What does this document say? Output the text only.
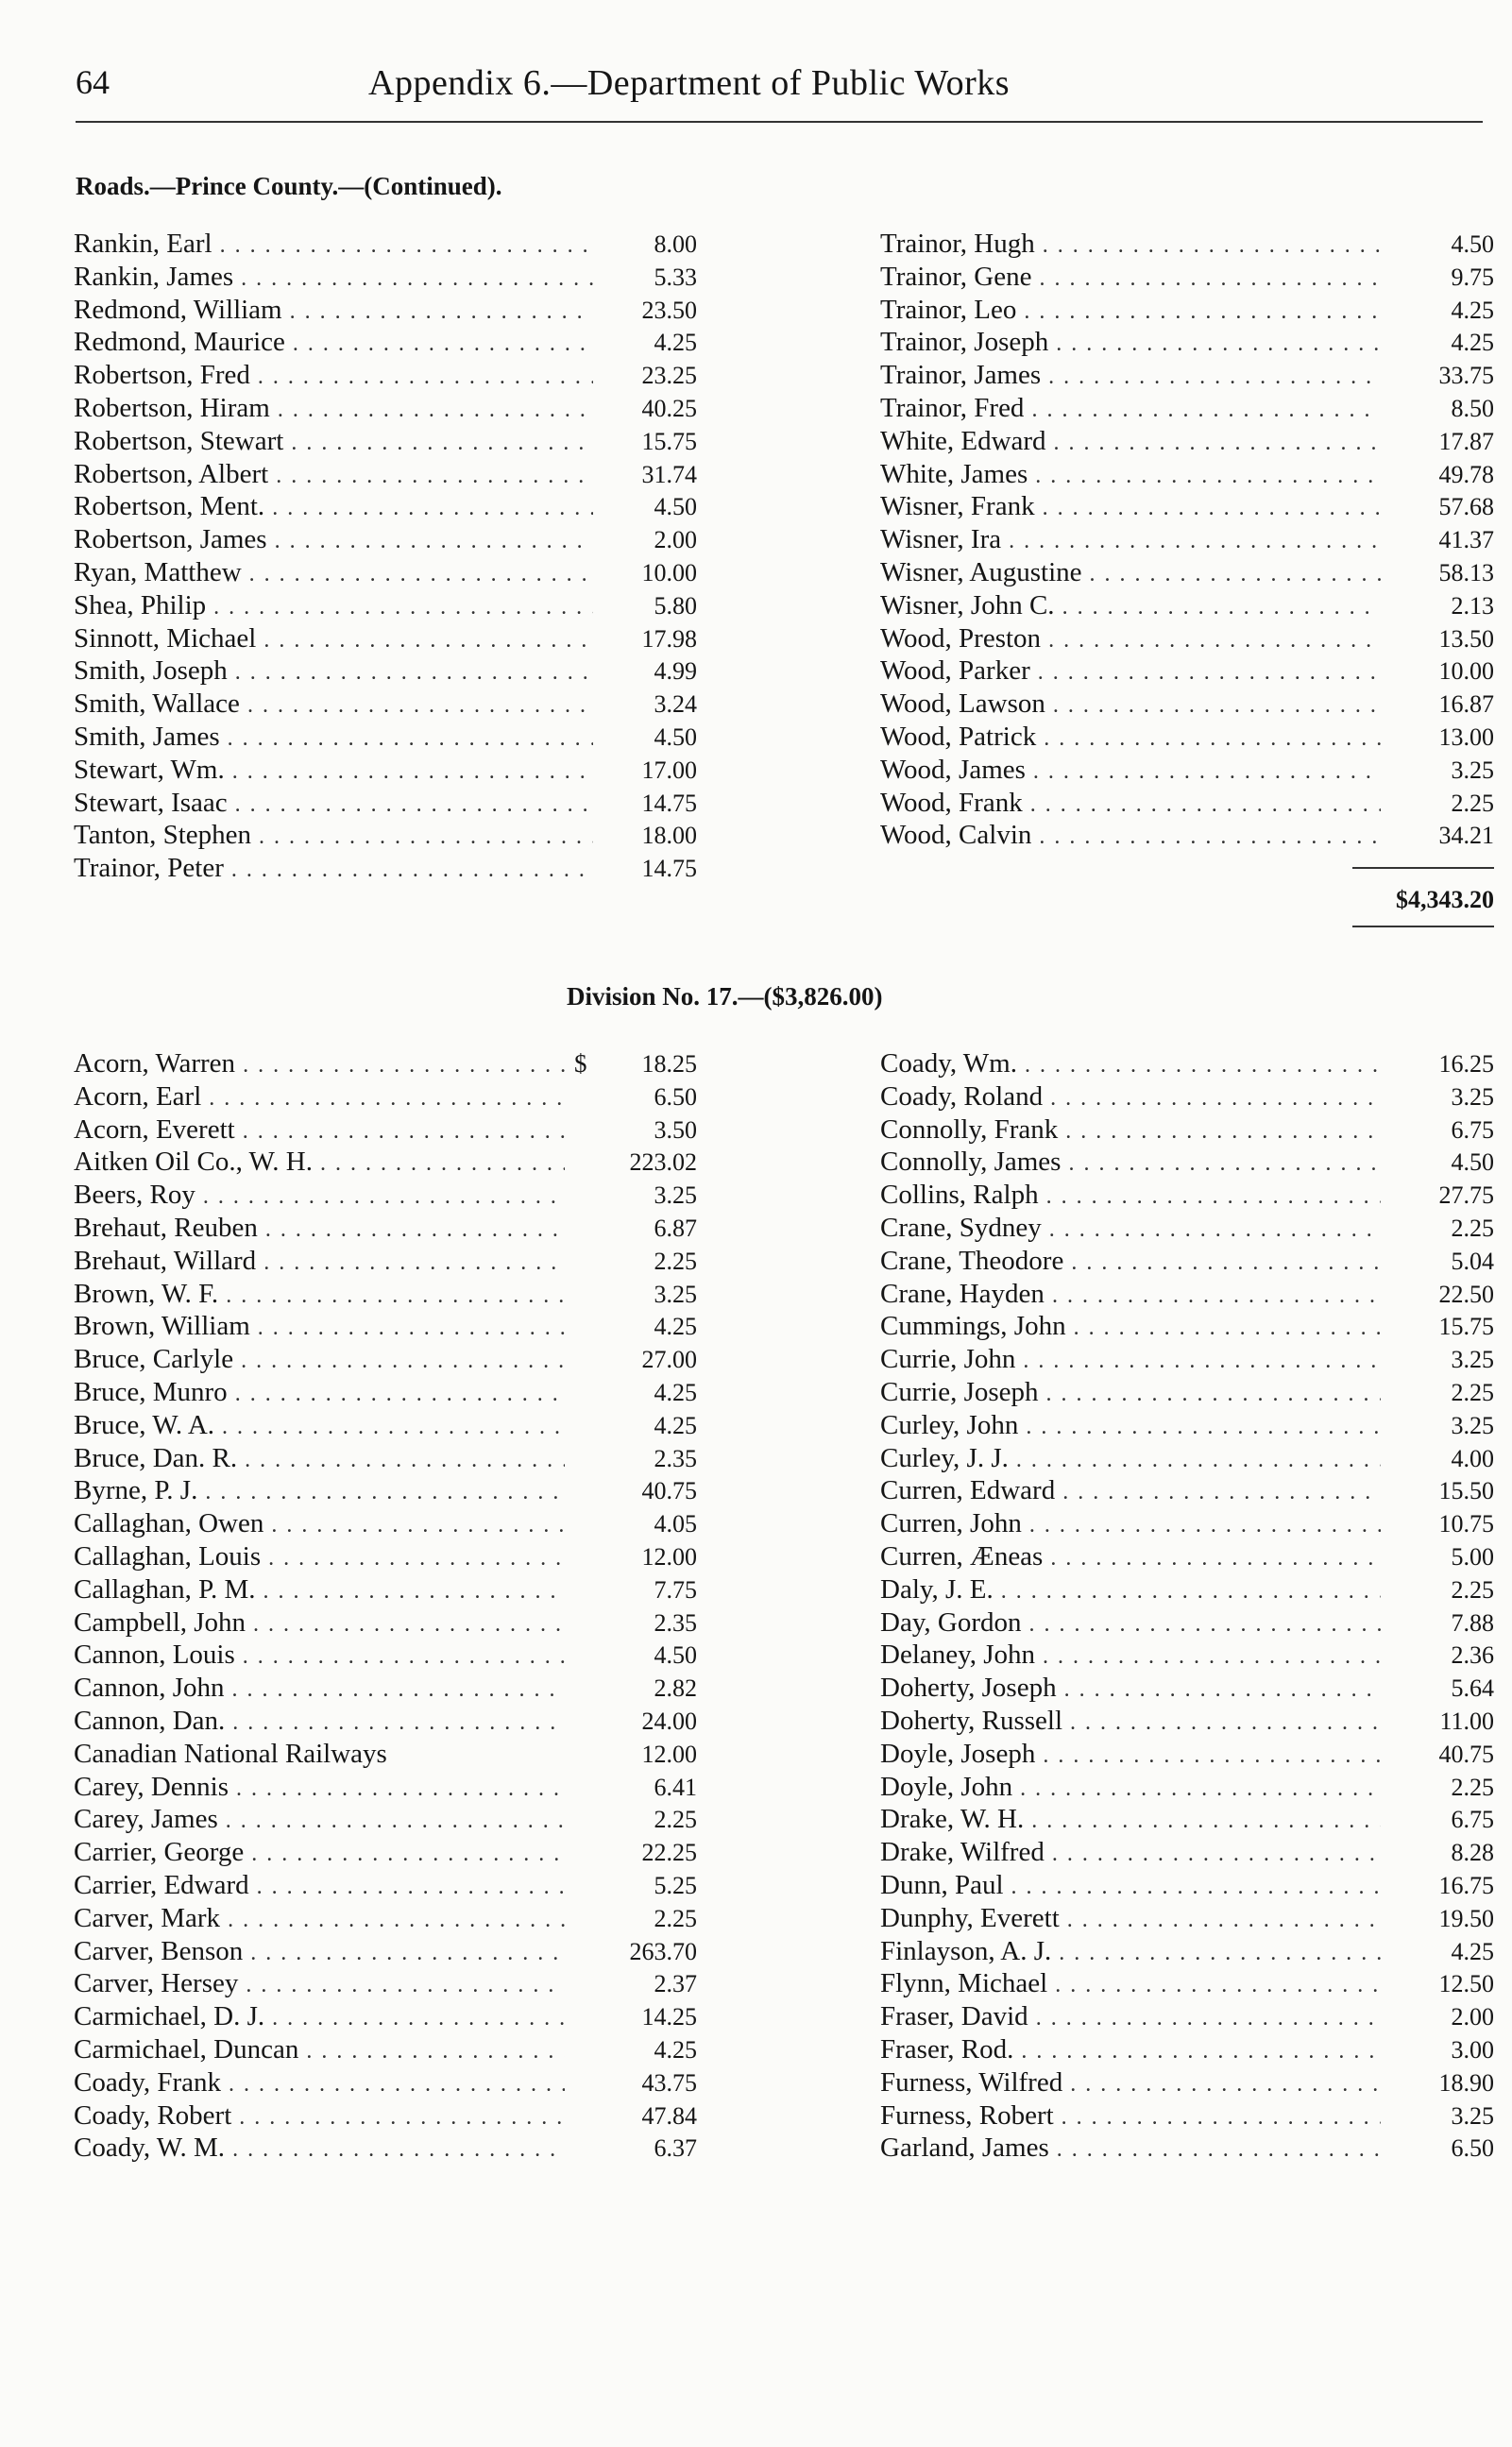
64	Appendix 6.—Department of Public Works
Roads.—Prince County.—(Continued).
Rankin, Earl . . .	8.00
Rankin, James . . .	5.33
Redmond, William . . .	23.50
Redmond, Maurice . . .	4.25
Robertson, Fred . . .	23.25
Robertson, Hiram . . .	40.25
Robertson, Stewart . . .	15.75
Robertson, Albert . . .	31.74
Robertson, Ment. . . .	4.50
Robertson, James . . .	2.00
Ryan, Matthew . . .	10.00
Shea, Philip . . .	5.80
Sinnott, Michael . . .	17.98
Smith, Joseph . . .	4.99
Smith, Wallace . . .	3.24
Smith, James . . .	4.50
Stewart, Wm. . . .	17.00
Stewart, Isaac . . .	14.75
Tanton, Stephen . . .	18.00
Trainor, Peter . . .	14.75
Trainor, Hugh . . .	4.50
Trainor, Gene . . .	9.75
Trainor, Leo . . .	4.25
Trainor, Joseph . . .	4.25
Trainor, James . . .	33.75
Trainor, Fred . . .	8.50
White, Edward . . .	17.87
White, James . . .	49.78
Wisner, Frank . . .	57.68
Wisner, Ira . . .	41.37
Wisner, Augustine . . .	58.13
Wisner, John C. . . .	2.13
Wood, Preston . . .	13.50
Wood, Parker . . .	10.00
Wood, Lawson . . .	16.87
Wood, Patrick . . .	13.00
Wood, James . . .	3.25
Wood, Frank . . .	2.25
Wood, Calvin . . .	34.21
$4,343.20
Division No. 17.—($3,826.00)
Acorn, Warren . . .	$	18.25
Acorn, Earl . . .	6.50
Acorn, Everett . . .	3.50
Aitken Oil Co., W. H. . . .	223.02
Beers, Roy . . .	3.25
Brehaut, Reuben . . .	6.87
Brehaut, Willard . . .	2.25
Brown, W. F. . . .	3.25
Brown, William . . .	4.25
Bruce, Carlyle . . .	27.00
Bruce, Munro . . .	4.25
Bruce, W. A. . . .	4.25
Bruce, Dan. R. . . .	2.35
Byrne, P. J. . . .	40.75
Callaghan, Owen . . .	4.05
Callaghan, Louis . . .	12.00
Callaghan, P. M. . . .	7.75
Campbell, John . . .	2.35
Cannon, Louis . . .	4.50
Cannon, John . . .	2.82
Cannon, Dan. . . .	24.00
Canadian National Railways	12.00
Carey, Dennis . . .	6.41
Carey, James . . .	2.25
Carrier, George . . .	22.25
Carrier, Edward . . .	5.25
Carver, Mark . . .	2.25
Carver, Benson . . .	263.70
Carver, Hersey . . .	2.37
Carmichael, D. J. . . .	14.25
Carmichael, Duncan . . .	4.25
Coady, Frank . . .	43.75
Coady, Robert . . .	47.84
Coady, W. M. . . .	6.37
Coady, Wm. . . .	16.25
Coady, Roland . . .	3.25
Connolly, Frank . . .	6.75
Connolly, James . . .	4.50
Collins, Ralph . . .	27.75
Crane, Sydney . . .	2.25
Crane, Theodore . . .	5.04
Crane, Hayden . . .	22.50
Cummings, John . . .	15.75
Currie, John . . .	3.25
Currie, Joseph . . .	2.25
Curley, John . . .	3.25
Curley, J. J. . . .	4.00
Curren, Edward . . .	15.50
Curren, John . . .	10.75
Curren, Æneas . . .	5.00
Daly, J. E. . . .	2.25
Day, Gordon . . .	7.88
Delaney, John . . .	2.36
Doherty, Joseph . . .	5.64
Doherty, Russell . . .	11.00
Doyle, Joseph . . .	40.75
Doyle, John . . .	2.25
Drake, W. H. . . .	6.75
Drake, Wilfred . . .	8.28
Dunn, Paul . . .	16.75
Dunphy, Everett . . .	19.50
Finlayson, A. J. . . .	4.25
Flynn, Michael . . .	12.50
Fraser, David . . .	2.00
Fraser, Rod. . . .	3.00
Furness, Wilfred . . .	18.90
Furness, Robert . . .	3.25
Garland, James . . .	6.50
